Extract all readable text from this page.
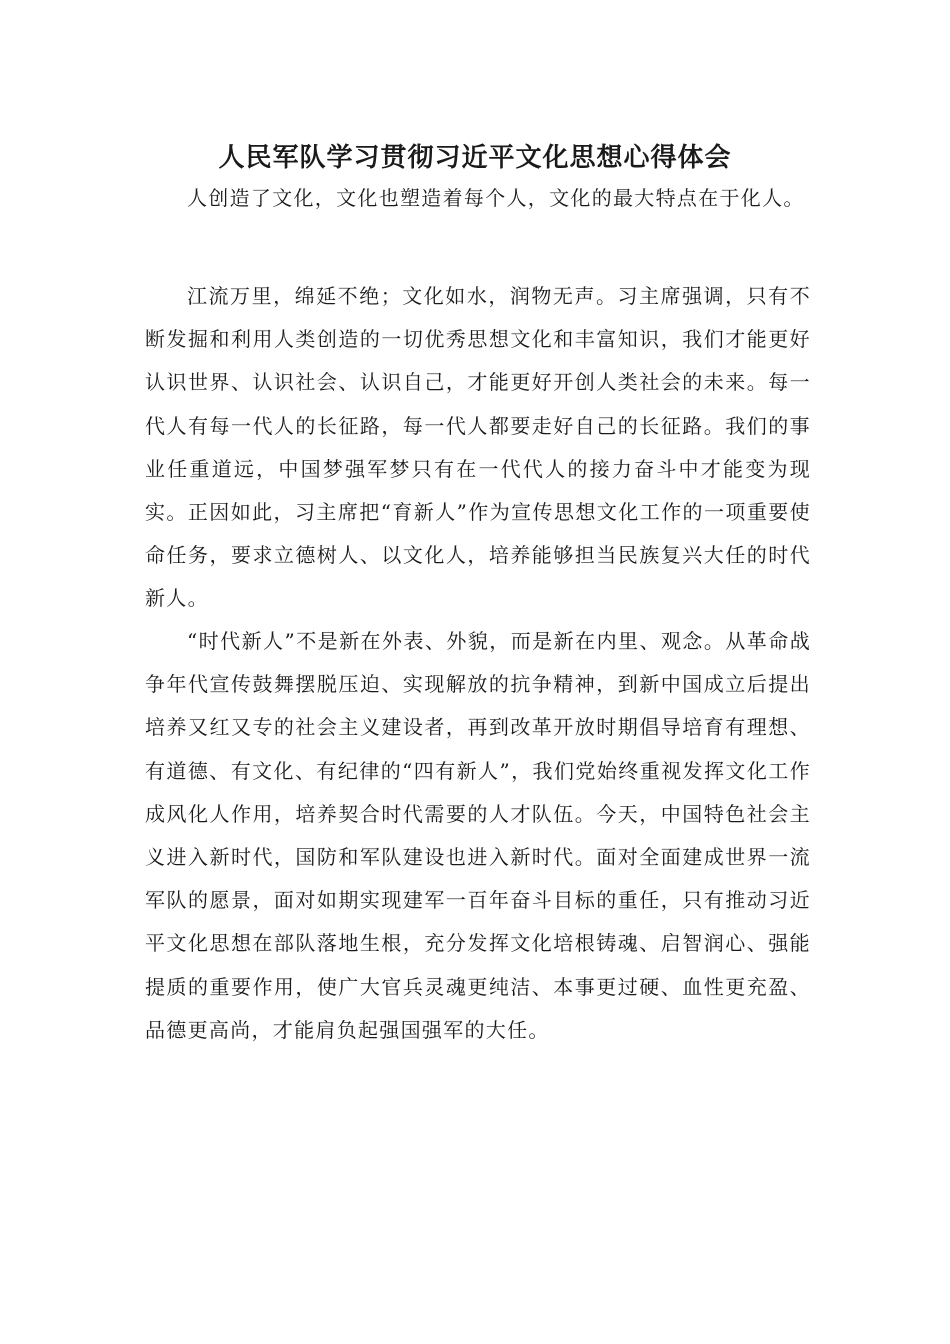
人民军队学习贯彻习近平文化思想心得体会

人创造了文化，文化也塑造着每个人，文化的最大特点在于化人。

江流万里，绵延不绝；文化如水，润物无声。习主席强调，只有不断发掘和利用人类创造的一切优秀思想文化和丰富知识，我们才能更好认识世界、认识社会、认识自己，才能更好开创人类社会的未来。每一代人有每一代人的长征路，每一代人都要走好自己的长征路。我们的事业任重道远，中国梦强军梦只有在一代代人的接力奋斗中才能变为现实。正因如此，习主席把“育新人”作为宣传思想文化工作的一项重要使命任务，要求立德树人、以文化人，培养能够担当民族复兴大任的时代新人。

“时代新人”不是新在外表、外貌，而是新在内里、观念。从革命战争年代宣传鼓舞摆脱压迫、实现解放的抗争精神，到新中国成立后提出培养又红又专的社会主义建设者，再到改革开放时期倡导培育有理想、有道德、有文化、有纪律的“四有新人”，我们党始终重视发挥文化工作成风化人作用，培养契合时代需要的人才队伍。今天，中国特色社会主义进入新时代，国防和军队建设也进入新时代。面对全面建成世界一流军队的愿景，面对如期实现建军一百年奋斗目标的重任，只有推动习近平文化思想在部队落地生根，充分发挥文化培根铸魂、启智润心、强能提质的重要作用，使广大官兵灵魂更纯洁、本事更过硬、血性更充盈、品德更高尚，才能肩负起强国强军的大任。
